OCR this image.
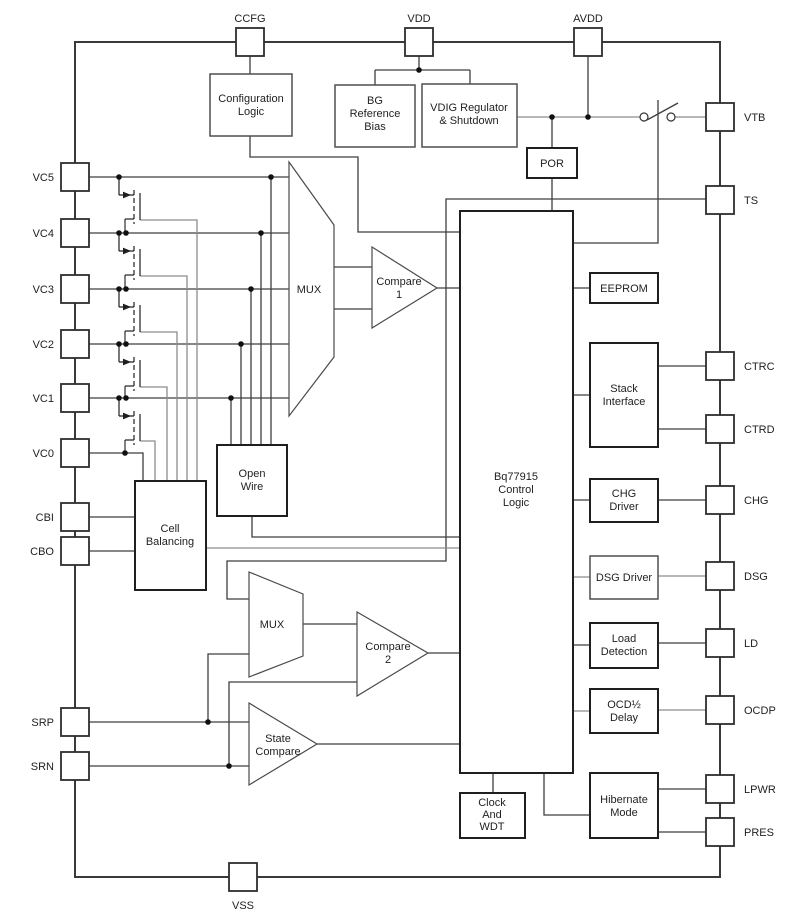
Configuration
Logic
BG
Reference
Bias
VDIG Regulator
& Shutdown
POR
Bq77915
Control
Logic
EEPROM
Stack
Interface
CHG
Driver
DSG Driver
Load
Detection
OCD½
Delay
Hibernate
Mode
Clock
And
WDT
Open
Wire
Cell
Balancing
MUX
MUX
Compare
1
Compare
2
State
Compare
CCFG	VDD	AVDD
VC5
VC4
VC3
VC2
VC1
VC0
CBI
CBO
SRP
SRN
VTB
TS
CTRC
CTRD
CHG
DSG
LD
OCDP
LPWR
PRES
VSS
